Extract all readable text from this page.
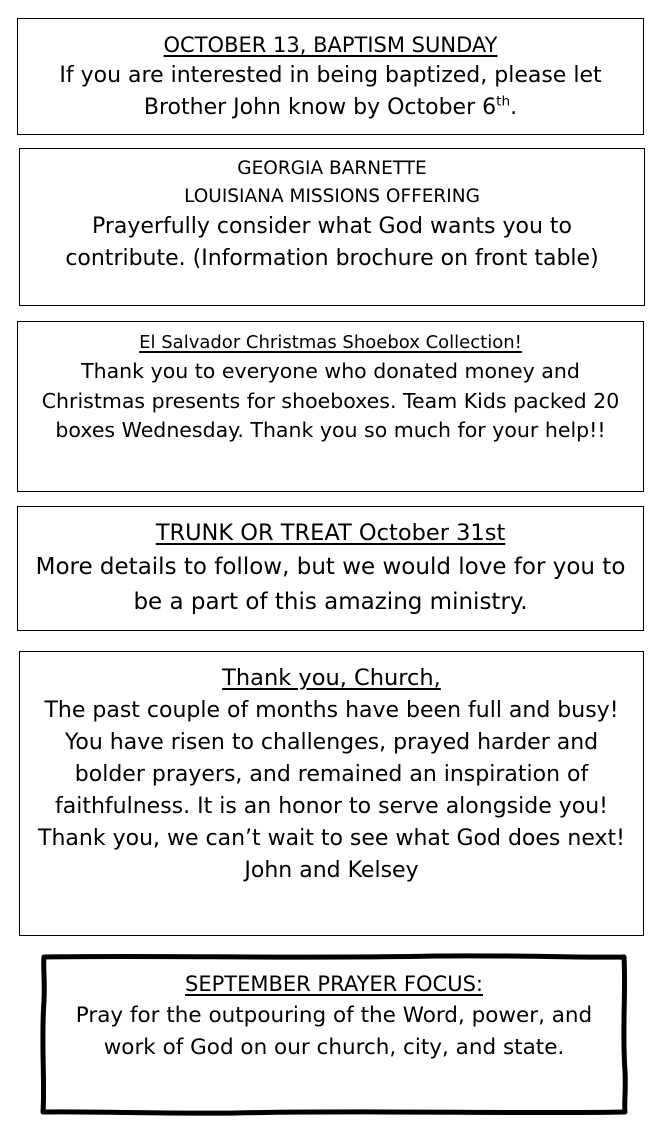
OCTOBER 13, BAPTISM SUNDAY

If you are interested in being baptized, please let Brother John know by October 6th.

GEORGIA BARNETTE

LOUISIANA MISSIONS OFFERING

Prayerfully consider what God wants you to contribute. (Information brochure on front table)

El Salvador Christmas Shoebox Collection!

Thank you to everyone who donated money and Christmas presents for shoeboxes. Team Kids packed 20 boxes Wednesday. Thank you so much for your help!!

TRUNK OR TREAT October 31st

More details to follow, but we would love for you to be a part of this amazing ministry.

Thank you, Church,

The past couple of months have been full and busy! You have risen to challenges, prayed harder and bolder prayers, and remained an inspiration of faithfulness. It is an honor to serve alongside you! Thank you, we can’t wait to see what God does next!

John and Kelsey

SEPTEMBER PRAYER FOCUS:

Pray for the outpouring of the Word, power, and work of God on our church, city, and state.
